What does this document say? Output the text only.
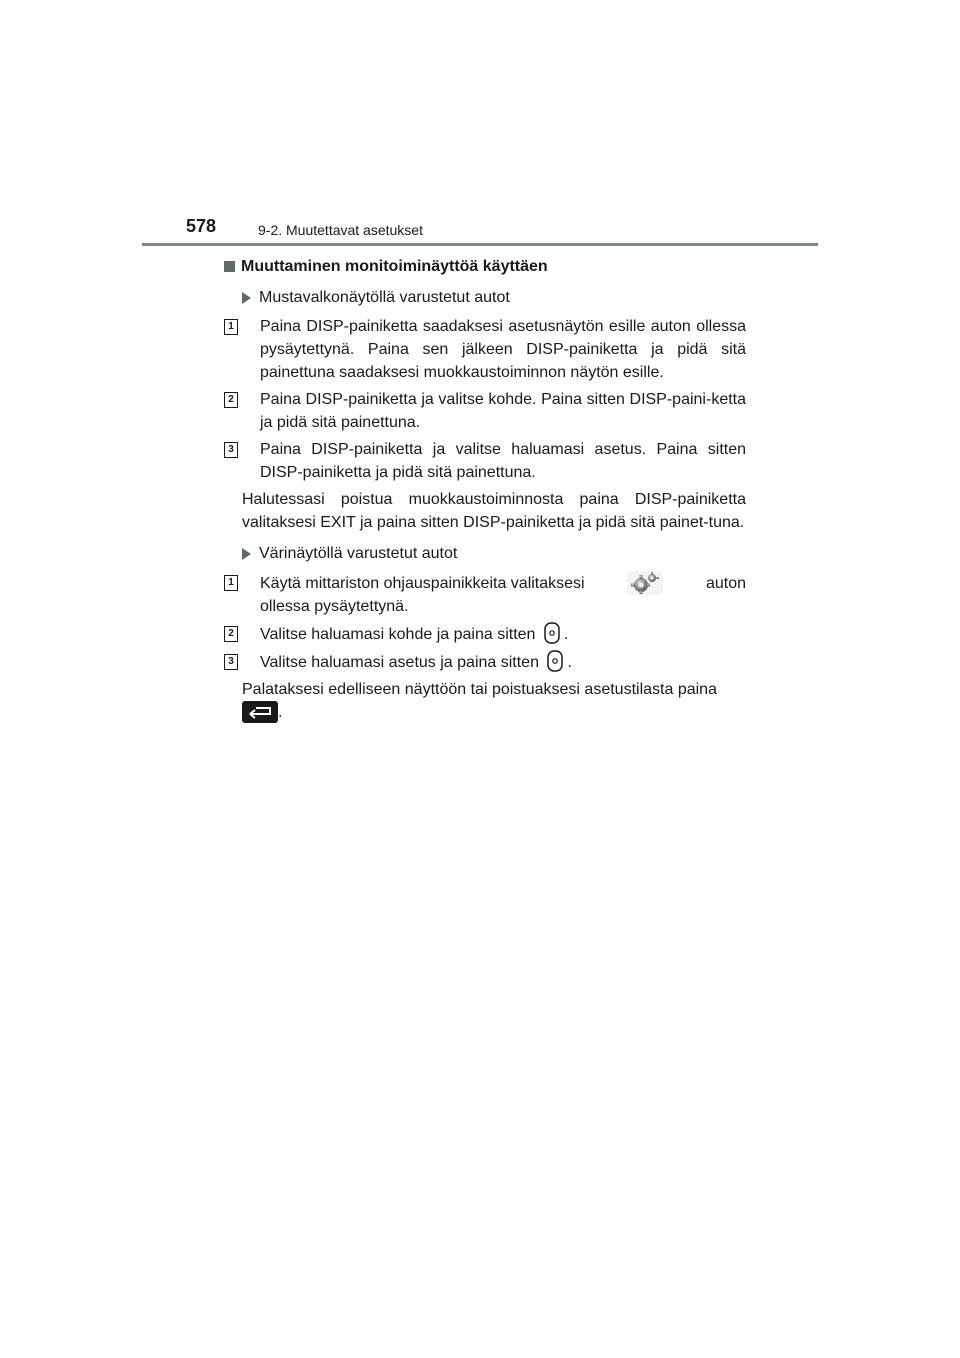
578	9-2. Muutettavat asetukset
Muuttaminen monitoiminäyttöä käyttäen
Mustavalkonäytöllä varustetut autot
1 Paina DISP-painiketta saadaksesi asetusnäytön esille auton ollessa pysäytettynä. Paina sen jälkeen DISP-painiketta ja pidä sitä painettuna saadaksesi muokkaustoiminnon näytön esille.
2 Paina DISP-painiketta ja valitse kohde. Paina sitten DISP-paini-ketta ja pidä sitä painettuna.
3 Paina DISP-painiketta ja valitse haluamasi asetus. Paina sitten DISP-painiketta ja pidä sitä painettuna.
Halutessasi poistua muokkaustoiminnosta paina DISP-painiketta valitaksesi EXIT ja paina sitten DISP-painiketta ja pidä sitä painet-tuna.
Värinäytöllä varustetut autot
1 Käytä mittariston ohjauspainikkeita valitaksesi	auton
ollessa pysäytettynä.
2 Valitse haluamasi kohde ja paina sitten .
3 Valitse haluamasi asetus ja paina sitten .
Palataksesi edelliseen näyttöön tai poistuaksesi asetustilasta paina
.
